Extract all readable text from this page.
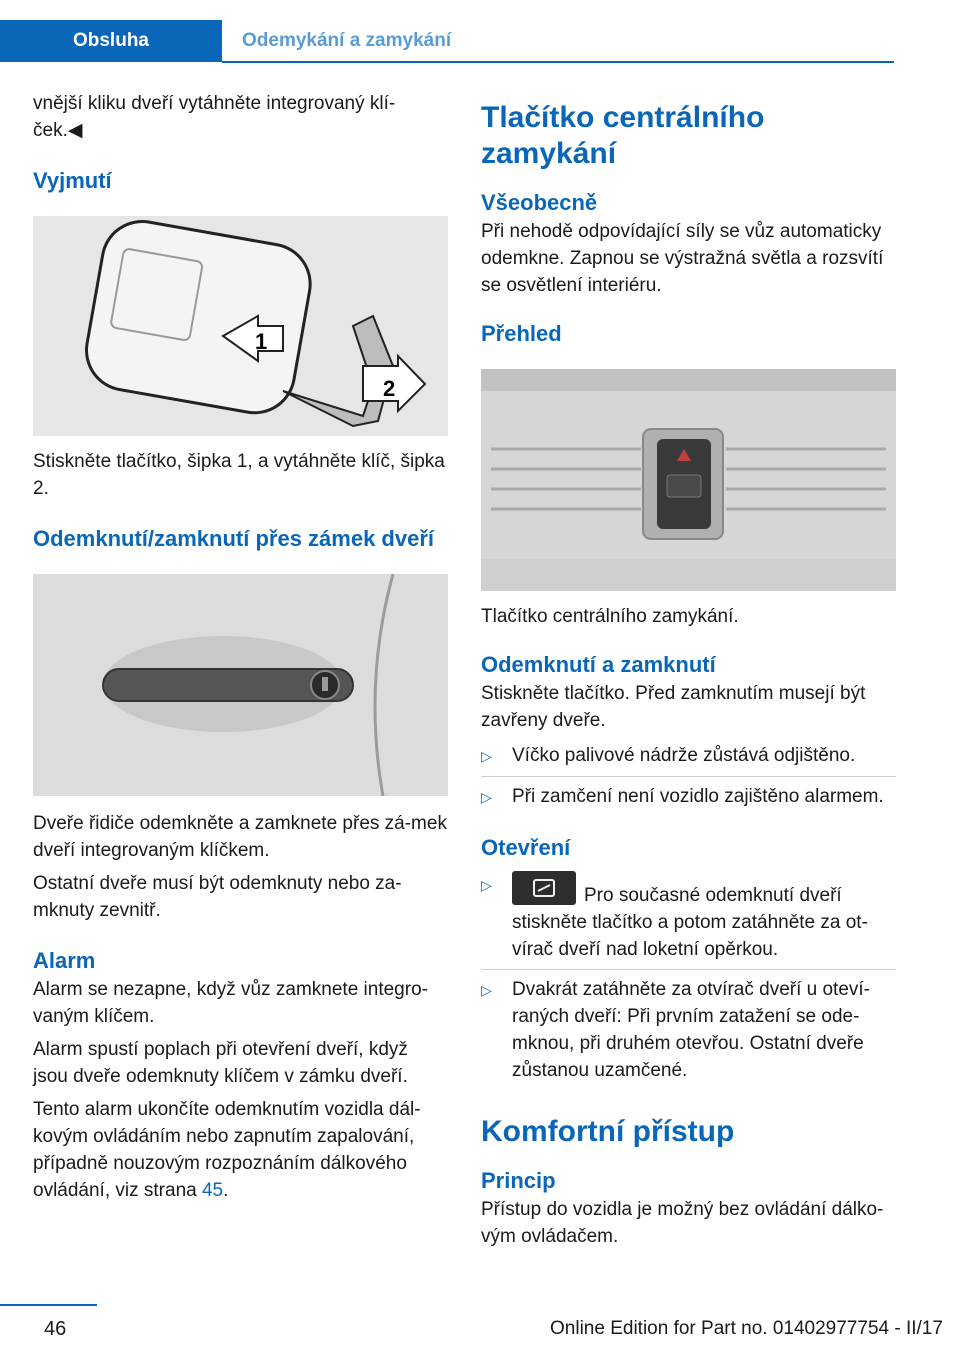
Obsluha	Odemykání a zamykání

vnější kliku dveří vytáhněte integrovaný klí-
ček.◀

Vyjmutí
1
2

Stiskněte tlačítko, šipka 1, a vytáhněte klíč, šipka 2.

Odemknutí/zamknutí přes zámek dveří

Dveře řidiče odemkněte a zamknete přes zá-mek dveří integrovaným klíčkem.

Ostatní dveře musí být odemknuty nebo za-mknuty zevnitř.

Alarm

Alarm se nezapne, když vůz zamknete integro-vaným klíčem.

Alarm spustí poplach při otevření dveří, když jsou dveře odemknuty klíčem v zámku dveří.

Tento alarm ukončíte odemknutím vozidla dál-kovým ovládáním nebo zapnutím zapalování, případně nouzovým rozpoznáním dálkového ovládání, viz strana 45.

Tlačítko centrálního zamykání
Všeobecně

Při nehodě odpovídající síly se vůz automaticky odemkne. Zapnou se výstražná světla a rozsvítí se osvětlení interiéru.

Přehled

Tlačítko centrálního zamykání.

Odemknutí a zamknutí

Stiskněte tlačítko. Před zamknutím musejí být zavřeny dveře.

▷	Víčko palivové nádrže zůstává odjištěno.
▷	Při zamčení není vozidlo zajištěno alarmem.
Otevření
▷	Pro současné odemknutí dveří stiskněte tlačítko a potom zatáhněte za ot-vírač dveří nad loketní opěrkou.
▷	Dvakrát zatáhněte za otvírač dveří u oteví-raných dveří: Při prvním zatažení se ode-mknou, při druhém otevřou. Ostatní dveře zůstanou uzamčené.
Komfortní přístup
Princip

Přístup do vozidla je možný bez ovládání dálko-vým ovládačem.

46	Online Edition for Part no. 01402977754 - II/17
